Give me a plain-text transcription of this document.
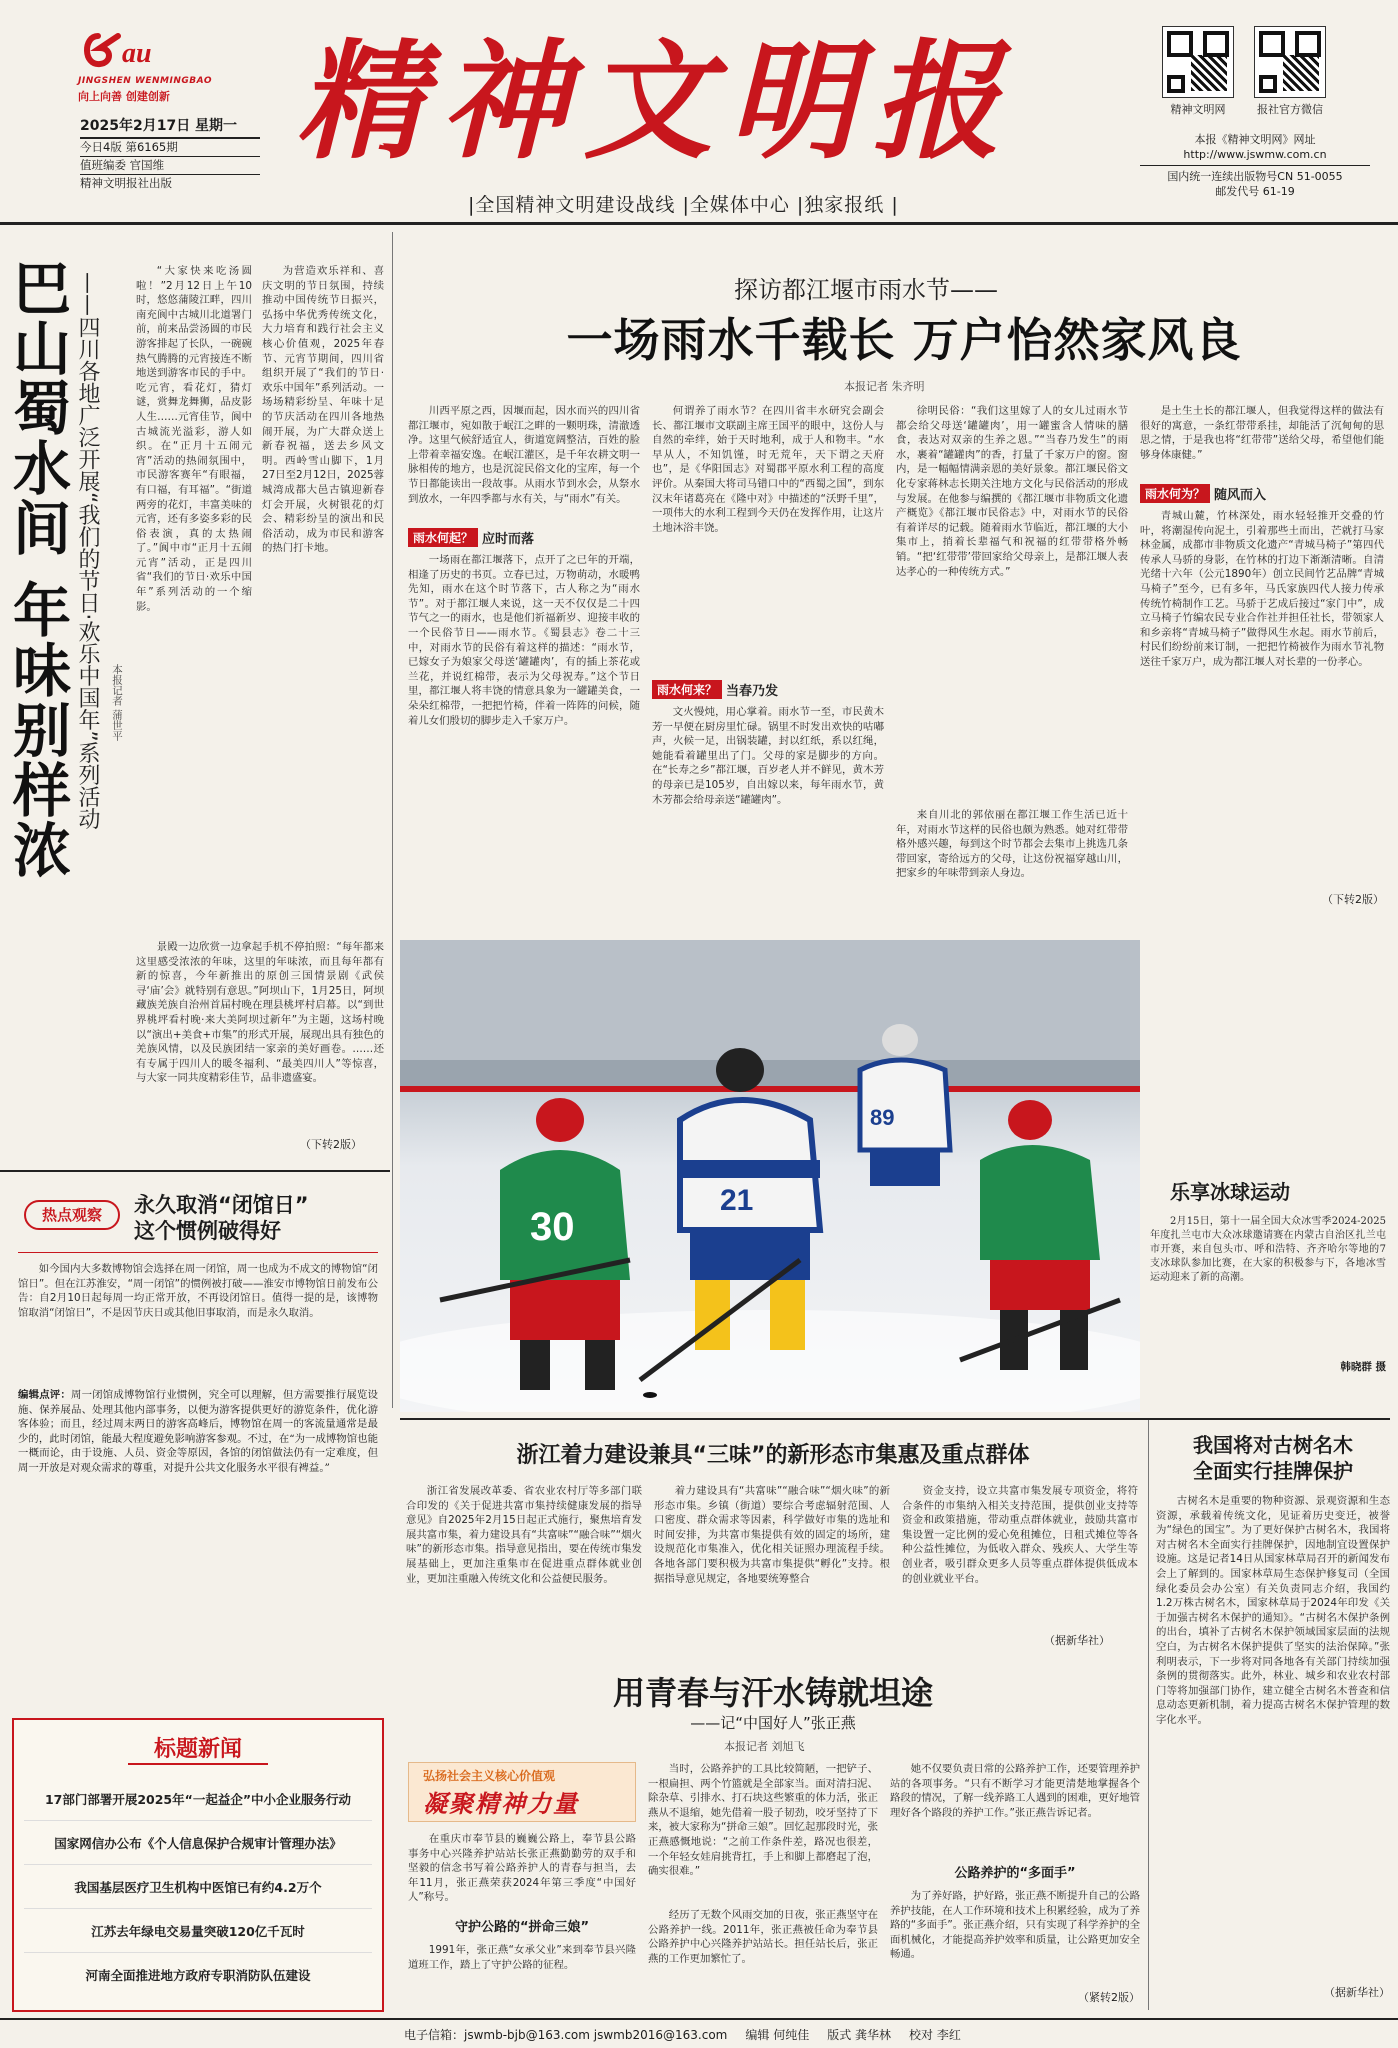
au
JINGSHEN WENMINGBAO
向上向善 创建创新
2025年2月17日 星期一
今日4版 第6165期
值班编委 官国维
精神文明报社出版
精神文明报
|全国精神文明建设战线 |全媒体中心 |独家报纸 |
精神文明网	报社官方微信
本报《精神文明网》网址
http://www.jswmw.com.cn
国内统一连续出版物号CN 51-0055
邮发代号 61-19
巴山蜀水间 年味别样浓 ——四川各地广泛开展“我们的节日·欢乐中国年”系列活动 本报记者 蒲世平
“大家快来吃汤圆啦！”2月12日上午10时，悠悠蒲陵江畔，四川南充阆中古城川北道署门前，前来品尝汤圆的市民游客排起了长队，一碗碗热气腾腾的元宵接连不断地送到游客市民的手中。吃元宵，看花灯，猜灯谜，赏舞龙舞狮，品皮影人生……元宵佳节，阆中古城流光溢彩，游人如织。在“正月十五闹元宵”活动的热闹氛围中，市民游客赛年“有眼福，有口福，有耳福”。“街道两旁的花灯，丰富美味的元宵，还有多姿多彩的民俗表演，真的太热闹了。”阆中市“正月十五闹元宵”活动，正是四川省“我们的节日·欢乐中国年”系列活动的一个缩影。
为营造欢乐祥和、喜庆文明的节日氛围，持续推动中国传统节日振兴，弘扬中华优秀传统文化，大力培育和践行社会主义核心价值观，2025年春节、元宵节期间，四川省组织开展了“我们的节日·欢乐中国年”系列活动。一场场精彩纷呈、年味十足的节庆活动在四川各地热闹开展，为广大群众送上新春祝福，送去乡风文明。西岭雪山脚下，1月27日至2月12日，2025蓉城湾成都大邑古镇迎新春灯会开展，火树银花的灯会、精彩纷呈的演出和民俗活动，成为市民和游客的热门打卡地。
景殿一边欣赏一边拿起手机不停拍照：“每年都来这里感受浓浓的年味，这里的年味浓，而且每年都有新的惊喜，今年新推出的原创三国情景剧《武侯寻‘庙’会》就特别有意思。”阿坝山下，1月25日，阿坝藏族羌族自治州首届村晚在理县桃坪村启幕。以“到世界桃坪看村晚·来大美阿坝过新年”为主题，这场村晚以“演出+美食+市集”的形式开展，展现出具有独色的羌族风情，以及民族团结一家亲的美好画卷。……还有专属于四川人的暖冬福利、“最美四川人”等惊喜，与大家一同共度精彩佳节，品非遗盛宴。
（下转2版）
热点观察	永久取消“闭馆日”
这个惯例破得好
如今国内大多数博物馆会选择在周一闭馆，周一也成为不成文的博物馆“闭馆日”。但在江苏淮安，“周一闭馆”的惯例被打破——淮安市博物馆日前发布公告：自2月10日起每周一均正常开放，不再设闭馆日。值得一提的是，该博物馆取消“闭馆日”，不是因节庆日或其他旧事取消，而是永久取消。
编辑点评：周一闭馆成博物馆行业惯例，究全可以理解，但方需要推行展览设施、保养展品、处理其他内部事务，以便为游客提供更好的游览条件，优化游客体验；而且，经过周末两日的游客高峰后，博物馆在周一的客流量通常是最少的，此时闭馆，能最大程度避免影响游客参观。不过，在“为一成博物馆也能一概而论，由于设施、人员、资金等原因，各馆的闭馆做法仍有一定难度，但周一开放是对观众需求的尊重，对提升公共文化服务水平很有裨益。”
标题新闻
17部门部署开展2025年“一起益企”中小企业服务行动
国家网信办公布《个人信息保护合规审计管理办法》
我国基层医疗卫生机构中医馆已有约4.2万个
江苏去年绿电交易量突破120亿千瓦时
河南全面推进地方政府专职消防队伍建设
探访都江堰市雨水节——
一场雨水千载长 万户怡然家风良
本报记者 朱齐明
川西平原之西，因堰而起，因水而兴的四川省都江堰市，宛如散于岷江之畔的一颗明珠，清澈透净。这里气候舒适宜人，街道宽阔整洁，百姓的脸上带着幸福安逸。在岷江灌区，是千年农耕文明一脉相传的地方，也是沉淀民俗文化的宝库，每一个节日都能读出一段故事。从雨水节到水会，从祭水到放水，一年四季都与水有关，与“雨水”有关。
雨水何起？ 应时而落
一场雨在都江堰落下，点开了之已年的开端，相逢了历史的书页。立春已过，万物萌动，水暖鸭先知，雨水在这个时节落下，古人称之为“雨水节”。对于都江堰人来说，这一天不仅仅是二十四节气之一的雨水，也是他们祈福新岁、迎接丰收的一个民俗节日——雨水节。《蜀县志》卷二十三中，对雨水节的民俗有着这样的描述：“雨水节，已嫁女子为娘家父母送‘罐罐肉’，有的插上茶花或兰花，并说红棉带，表示为父母祝寿。”这个节日里，都江堰人将丰饶的情意具象为一罐罐美食，一朵朵红棉带，一把把竹椅，伴着一阵阵的问候，随着儿女们殷切的脚步走入千家万户。
何谓养了雨水节？在四川省丰水研究会副会长、都江堰市文联副主席王国平的眼中，这份人与自然的牵绊，始于天时地利，成于人和物丰。“水早从人，不知饥馑，时无荒年，天下谓之天府也”，是《华阳国志》对蜀郡平原水利工程的高度评价。从秦国大将司马错口中的“西蜀之国”，到东汉末年诸葛亮在《隆中对》中描述的“沃野千里”，一项伟大的水利工程到今天仍在发挥作用，让这片土地沐浴丰饶。
雨水何来？ 当春乃发
文火慢炖，用心掌着。雨水节一至，市民黄木芳一早便在厨房里忙碌。锅里不时发出欢快的咕嘟声，火候一足，出锅装罐，封以红纸，系以红绳，她能看着罐里出了门。父母的家是脚步的方向。在“长寿之乡”都江堰，百岁老人并不鲜见，黄木芳的母亲已是105岁，自出嫁以来，每年雨水节，黄木芳都会给母亲送“罐罐肉”。
徐明民俗：“我们这里嫁了人的女儿过雨水节都会给父母送‘罐罐肉’，用一罐蜜含人情味的膳食，表达对双亲的生养之恩。”“当春乃发生”的雨水，裹着“罐罐肉”的香，打量了千家万户的窗。窗内，是一幅幅情满亲恩的美好景象。都江堰民俗文化专家蒋林志长期关注地方文化与民俗活动的形成与发展。在他参与编撰的《都江堰市非物质文化遗产概览》《都江堰市民俗志》中，对雨水节的民俗有着详尽的记载。随着雨水节临近，都江堰的大小集市上，捎着长辈福气和祝福的红带带格外畅销。“把‘红带带’带回家给父母亲上，是都江堰人表达孝心的一种传统方式。”
来自川北的郭依丽在都江堰工作生活已近十年，对雨水节这样的民俗也颇为熟悉。她对红带带格外感兴趣，每到这个时节都会去集市上挑选几条带回家，寄给远方的父母，让这份祝福穿越山川，把家乡的年味带到亲人身边。
是土生土长的都江堰人，但我觉得这样的做法有很好的寓意，一条红带带系挂，却能活了沉甸甸的思思之情，于是我也将“红带带”送给父母，希望他们能够身体康健。”
雨水何为？ 随风而入
青城山麓，竹林深处，雨水轻轻推开交叠的竹叶，将潮湿传向泥土，引着那些土而出，芒就打马家林金属，成都市非物质文化遗产“青城马椅子”第四代传承人马骄的身影，在竹林的打边下渐渐清晰。自清光绪十六年（公元1890年）创立民间竹艺品牌“青城马椅子”至今，已有多年，马氏家族四代人接力传承传统竹椅制作工艺。马骄于艺成后接过“家门中”，成立马椅子竹编农民专业合作社并担任社长，带领家人和乡亲将“青城马椅子”做得风生水起。雨水节前后，村民们纷纷前来订制，一把把竹椅被作为雨水节礼物送往千家万户，成为都江堰人对长辈的一份孝心。
（下转2版）
30
21
89
乐享冰球运动
2月15日，第十一届全国大众冰雪季2024-2025年度扎兰屯市大众冰球邀请赛在内蒙古自治区扎兰屯市开赛，来自包头市、呼和浩特、齐齐哈尔等地的7支冰球队参加比赛，在大家的积极参与下，各地冰雪运动迎来了新的高潮。
韩晓群 摄
浙江着力建设兼具“三味”的新形态市集惠及重点群体
浙江省发展改革委、省农业农村厅等多部门联合印发的《关于促进共富市集持续健康发展的指导意见》自2025年2月15日起正式施行，聚焦培育发展共富市集，着力建设具有“共富味”“融合味”“烟火味”的新形态市集。指导意见指出，要在传统市集发展基础上，更加注重集市在促进重点群体就业创业，更加注重融入传统文化和公益便民服务。
着力建设具有“共富味”“融合味”“烟火味”的新形态市集。乡镇（街道）要综合考虑辐射范围、人口密度、群众需求等因素，科学做好市集的选址和时间安排，为共富市集提供有效的固定的场所，建设规范化市集准入，优化相关证照办理流程手续。各地各部门要积极为共富市集提供“孵化”支持。根据指导意见规定，各地要统筹整合
资金支持，设立共富市集发展专项资金，将符合条件的市集纳入相关支持范围，提供创业支持等资金和政策措施，带动重点群体就业，鼓励共富市集设置一定比例的爱心免租摊位，日租式摊位等各种公益性摊位，为低收入群众、残疾人、大学生等创业者，吸引群众更多人员等重点群体提供低成本的创业就业平台。
（据新华社）
我国将对古树名木
全面实行挂牌保护
古树名木是重要的物种资源、景观资源和生态资源，承载着传统文化，见证着历史变迁，被誉为“绿色的国宝”。为了更好保护古树名木，我国将对古树名木全面实行挂牌保护，因地制宜设置保护设施。这是记者14日从国家林草局召开的新闻发布会上了解到的。国家林草局生态保护修复司（全国绿化委员会办公室）有关负责同志介绍，我国约1.2万株古树名木，国家林草局于2024年印发《关于加强古树名木保护的通知》。“古树名木保护条例的出台，填补了古树名木保护领域国家层面的法规空白，为古树名木保护提供了坚实的法治保障。”张利明表示，下一步将对同各地各有关部门持续加强条例的贯彻落实。此外，林业、城乡和农业农村部门等将加强部门协作，建立健全古树名木普查和信息动态更新机制，着力提高古树名木保护管理的数字化水平。
（据新华社）
用青春与汗水铸就坦途
——记“中国好人”张正燕
本报记者 刘旭飞
弘扬社会主义核心价值观
凝聚精神力量
在重庆市奉节县的巍巍公路上，奉节县公路事务中心兴隆养护站站长张正燕勤勤劳的双手和坚毅的信念书写着公路养护人的青春与担当，去年11月，张正燕荣获2024年第三季度“中国好人”称号。
守护公路的“拼命三娘”
1991年，张正燕“女承父业”来到奉节县兴隆道班工作，踏上了守护公路的征程。
当时，公路养护的工具比较简陋，一把铲子、一根扁担、两个竹篮就是全部家当。面对清扫泥、除杂草、引排水、打石块这些繁重的体力活，张正燕从不退缩，她先借着一股子韧劲，咬牙坚持了下来，被大家称为“拼命三娘”。回忆起那段时光，张正燕感慨地说：“之前工作条件差，路况也很差，一个年轻女娃肩挑背扛，手上和脚上都磨起了泡，确实很难。”
经历了无数个风雨交加的日夜，张正燕坚守在公路养护一线。2011年，张正燕被任命为奉节县公路养护中心兴隆养护站站长。担任站长后，张正燕的工作更加繁忙了。
她不仅要负责日常的公路养护工作，还要管理养护站的各项事务。“只有不断学习才能更清楚地掌握各个路段的情况，了解一线养路工人遇到的困难，更好地管理好各个路段的养护工作。”张正燕告诉记者。
公路养护的“多面手”
为了养好路，护好路，张正燕不断提升自己的公路养护技能，在人工作环境和技术上积累经验，成为了养路的“多面手”。张正燕介绍，只有实现了科学养护的全面机械化，才能提高养护效率和质量，让公路更加安全畅通。
（紧转2版）
电子信箱：jswmb-bjb@163.com jswmb2016@163.com 编辑 何纯佳 版式 龚华林 校对 李红
